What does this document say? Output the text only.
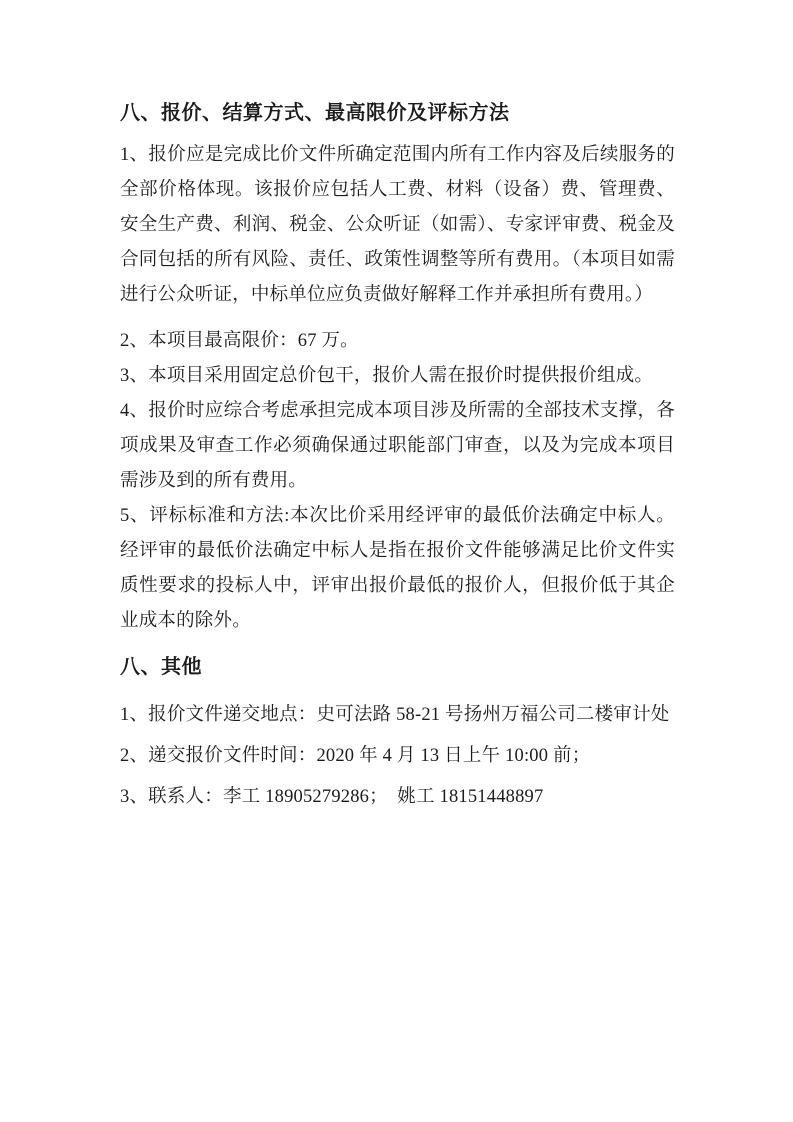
八、报价、结算方式、最高限价及评标方法

1、报价应是完成比价文件所确定范围内所有工作内容及后续服务的全部价格体现。该报价应包括人工费、材料（设备）费、管理费、安全生产费、利润、税金、公众听证（如需）、专家评审费、税金及合同包括的所有风险、责任、政策性调整等所有费用。（本项目如需进行公众听证，中标单位应负责做好解释工作并承担所有费用。）

2、本项目最高限价：67 万。

3、本项目采用固定总价包干，报价人需在报价时提供报价组成。

4、报价时应综合考虑承担完成本项目涉及所需的全部技术支撑，各项成果及审查工作必须确保通过职能部门审查，以及为完成本项目需涉及到的所有费用。

5、评标标准和方法:本次比价采用经评审的最低价法确定中标人。经评审的最低价法确定中标人是指在报价文件能够满足比价文件实质性要求的投标人中，评审出报价最低的报价人，但报价低于其企业成本的除外。

八、其他

1、报价文件递交地点：史可法路 58-21 号扬州万福公司二楼审计处

2、递交报价文件时间：2020 年 4 月 13 日上午 10:00 前；

3、联系人：李工 18905279286；　姚工 18151448897
